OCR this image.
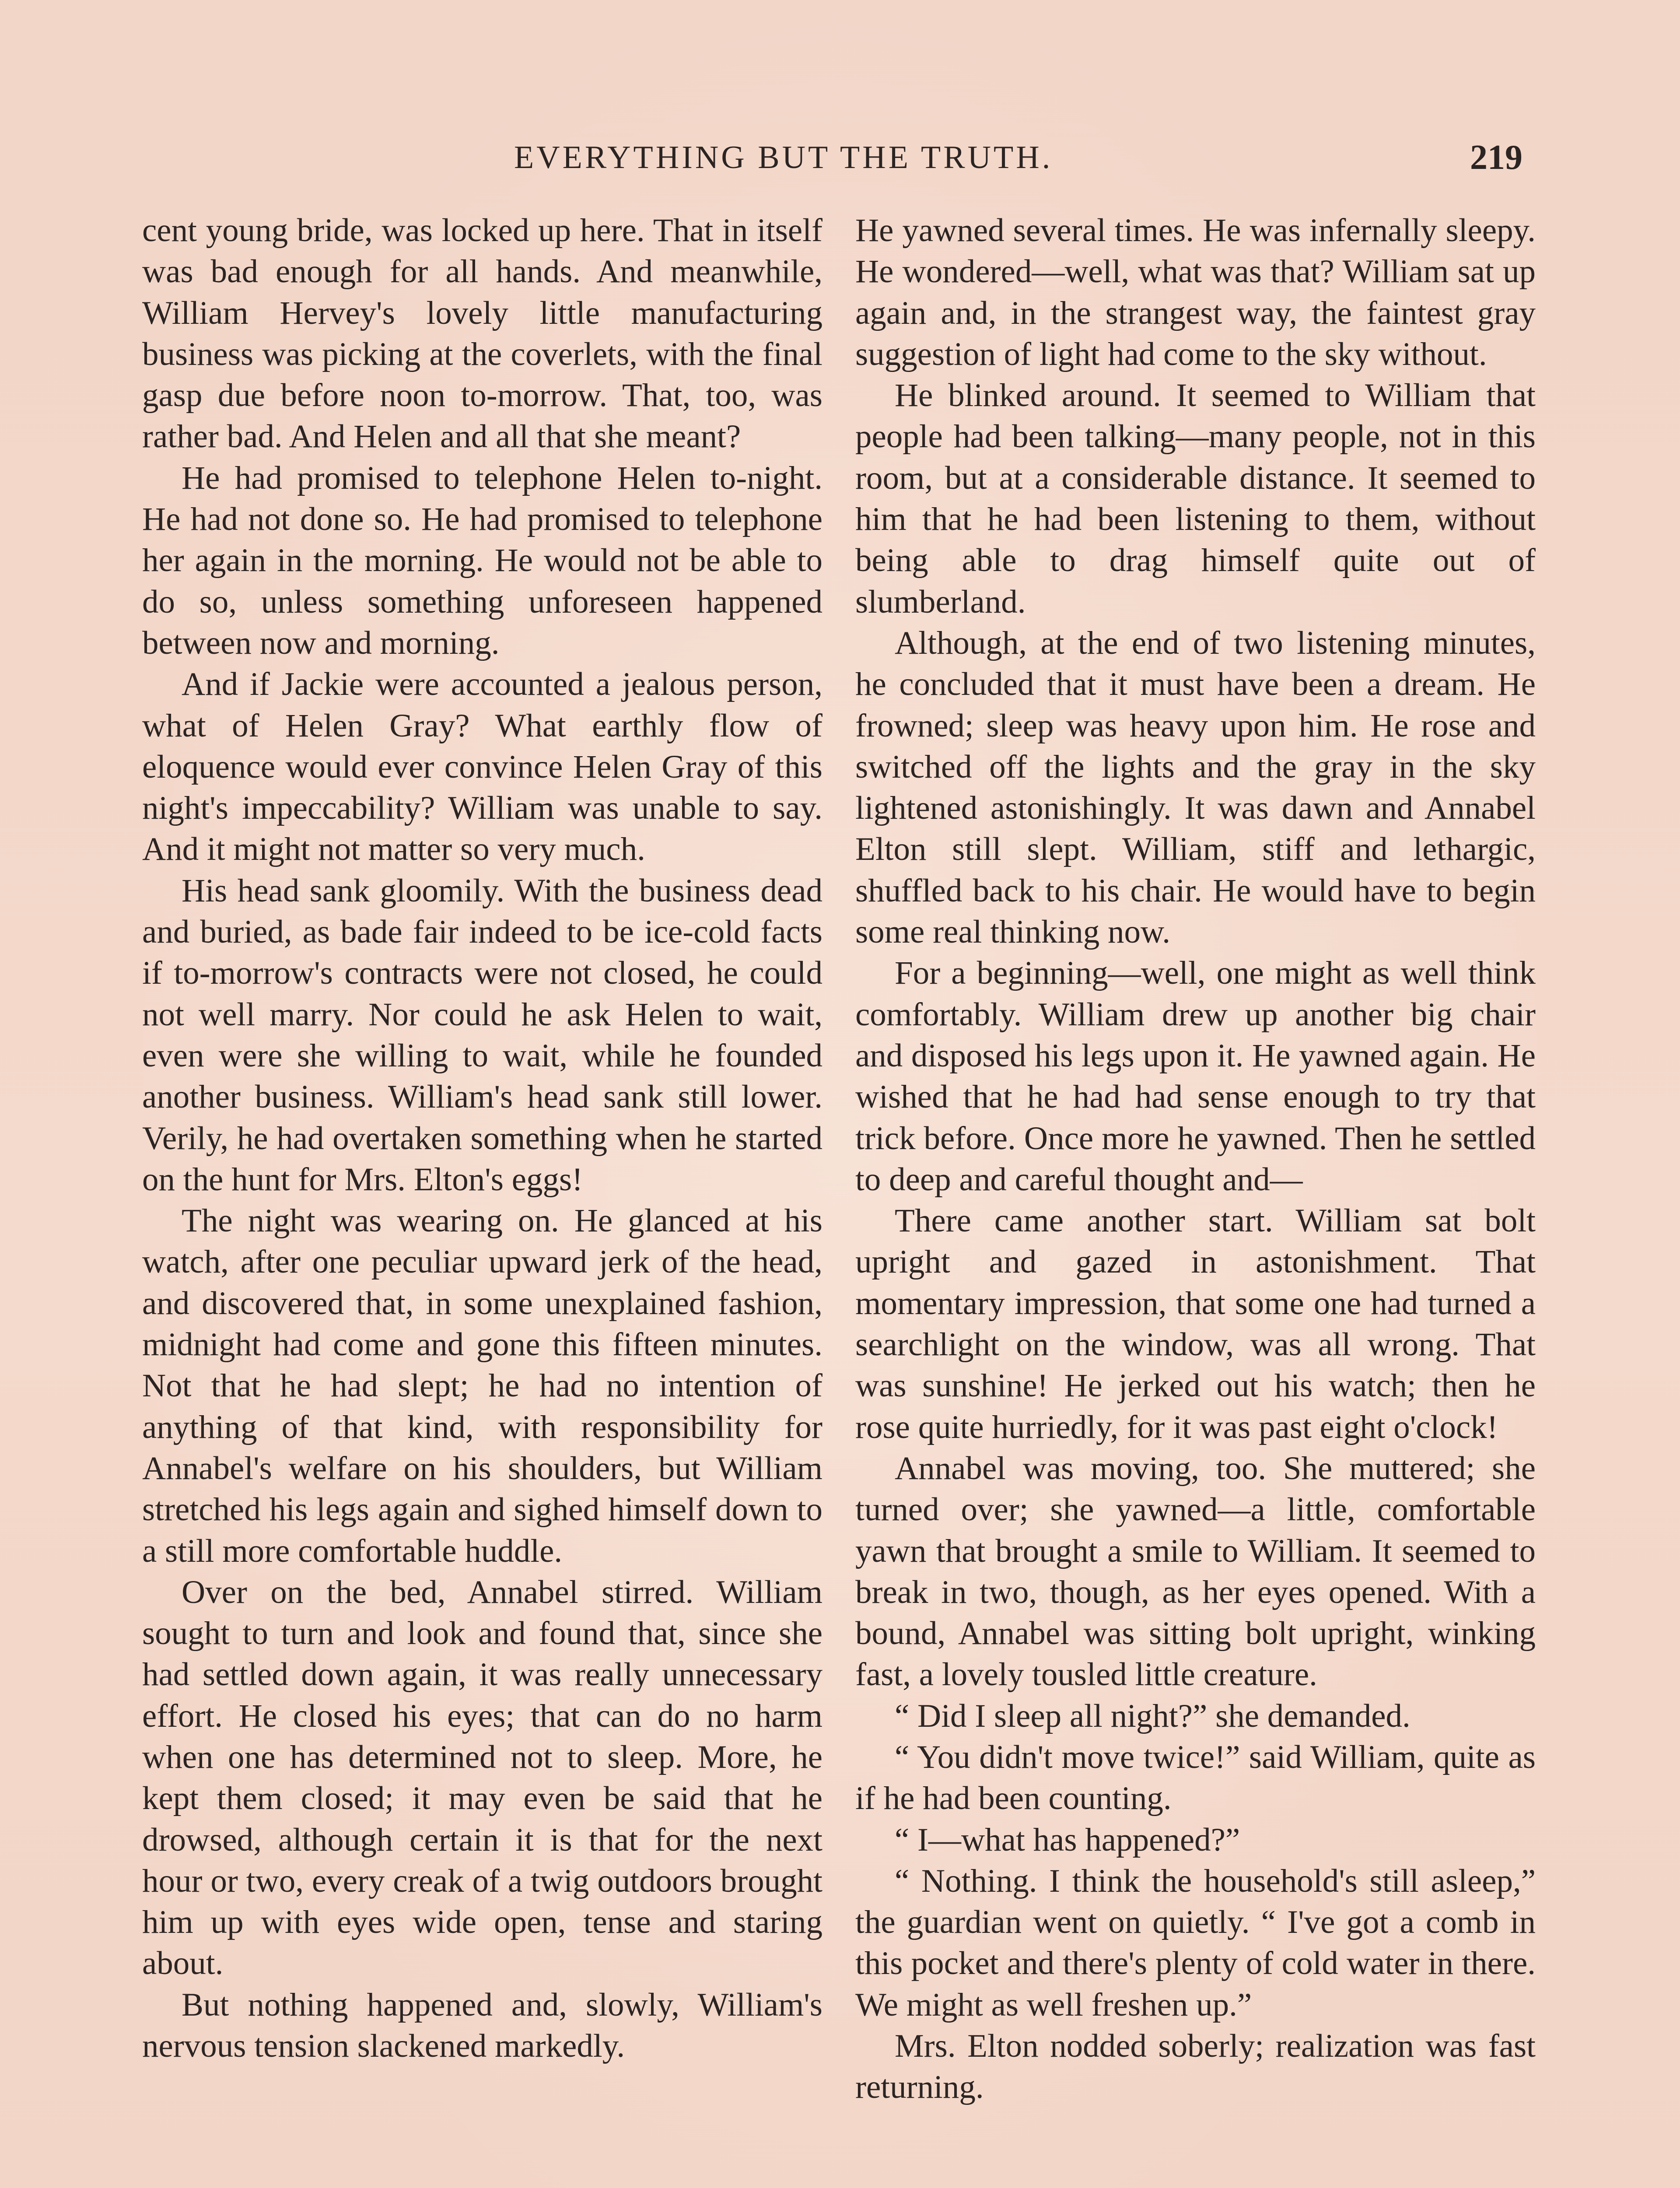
EVERYTHING BUT THE TRUTH.	219

cent young bride, was locked up here. That in itself was bad enough for all hands. And meanwhile, William Hervey's lovely little manufacturing business was picking at the coverlets, with the final gasp due before noon to-morrow. That, too, was rather bad. And Helen and all that she meant?

He had promised to telephone Helen to-night. He had not done so. He had promised to telephone her again in the morning. He would not be able to do so, unless something unforeseen happened between now and morning.

And if Jackie were accounted a jealous person, what of Helen Gray? What earthly flow of eloquence would ever convince Helen Gray of this night's impeccability? William was unable to say. And it might not matter so very much.

His head sank gloomily. With the business dead and buried, as bade fair indeed to be ice-cold facts if to-morrow's contracts were not closed, he could not well marry. Nor could he ask Helen to wait, even were she willing to wait, while he founded another business. William's head sank still lower. Verily, he had overtaken something when he started on the hunt for Mrs. Elton's eggs!

The night was wearing on. He glanced at his watch, after one peculiar upward jerk of the head, and discovered that, in some unexplained fashion, midnight had come and gone this fifteen minutes. Not that he had slept; he had no intention of anything of that kind, with responsibility for Annabel's welfare on his shoulders, but William stretched his legs again and sighed himself down to a still more comfortable huddle.

Over on the bed, Annabel stirred. William sought to turn and look and found that, since she had settled down again, it was really unnecessary effort. He closed his eyes; that can do no harm when one has determined not to sleep. More, he kept them closed; it may even be said that he drowsed, although certain it is that for the next hour or two, every creak of a twig outdoors brought him up with eyes wide open, tense and staring about.

But nothing happened and, slowly, William's nervous tension slackened markedly.

He yawned several times. He was infernally sleepy. He wondered—well, what was that? William sat up again and, in the strangest way, the faintest gray suggestion of light had come to the sky without.

He blinked around. It seemed to William that people had been talking—many people, not in this room, but at a considerable distance. It seemed to him that he had been listening to them, without being able to drag himself quite out of slumberland.

Although, at the end of two listening minutes, he concluded that it must have been a dream. He frowned; sleep was heavy upon him. He rose and switched off the lights and the gray in the sky lightened astonishingly. It was dawn and Annabel Elton still slept. William, stiff and lethargic, shuffled back to his chair. He would have to begin some real thinking now.

For a beginning—well, one might as well think comfortably. William drew up another big chair and disposed his legs upon it. He yawned again. He wished that he had had sense enough to try that trick before. Once more he yawned. Then he settled to deep and careful thought and—

There came another start. William sat bolt upright and gazed in astonishment. That momentary impression, that some one had turned a searchlight on the window, was all wrong. That was sunshine! He jerked out his watch; then he rose quite hurriedly, for it was past eight o'clock!

Annabel was moving, too. She muttered; she turned over; she yawned—a little, comfortable yawn that brought a smile to William. It seemed to break in two, though, as her eyes opened. With a bound, Annabel was sitting bolt upright, winking fast, a lovely tousled little creature.

“ Did I sleep all night?” she demanded.

“ You didn't move twice!” said William, quite as if he had been counting.

“ I—what has happened?”

“ Nothing. I think the household's still asleep,” the guardian went on quietly. “ I've got a comb in this pocket and there's plenty of cold water in there. We might as well freshen up.”

Mrs. Elton nodded soberly; realization was fast returning.
